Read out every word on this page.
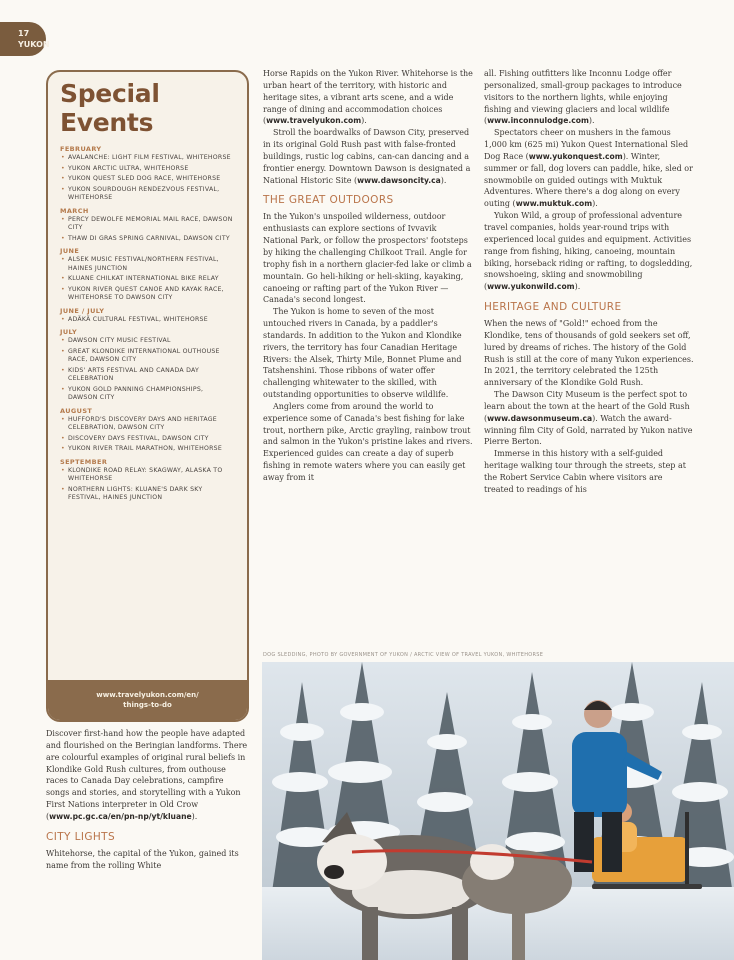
17
YUKON
Special Events
FEBRUARY
• AVALANCHE: LIGHT FILM FESTIVAL, WHITEHORSE
• YUKON ARCTIC ULTRA, WHITEHORSE
• YUKON QUEST SLED DOG RACE, WHITEHORSE
• YUKON SOURDOUGH RENDEZVOUS FESTIVAL, WHITEHORSE
MARCH
• PERCY DEWOLFE MEMORIAL MAIL RACE, DAWSON CITY
• THAW DI GRAS SPRING CARNIVAL, DAWSON CITY
JUNE
• ALSEK MUSIC FESTIVAL/NORTHERN FESTIVAL, HAINES JUNCTION
• KLUANE CHILKAT INTERNATIONAL BIKE RELAY
• YUKON RIVER QUEST CANOE AND KAYAK RACE, WHITEHORSE TO DAWSON CITY
JUNE / JULY
• ADÄKÄ CULTURAL FESTIVAL, WHITEHORSE
JULY
• DAWSON CITY MUSIC FESTIVAL
• GREAT KLONDIKE INTERNATIONAL OUTHOUSE RACE, DAWSON CITY
• KIDS' ARTS FESTIVAL AND CANADA DAY CELEBRATION
• YUKON GOLD PANNING CHAMPIONSHIPS, DAWSON CITY
AUGUST
• HUFFORD'S DISCOVERY DAYS AND HERITAGE CELEBRATION, DAWSON CITY
• DISCOVERY DAYS FESTIVAL, DAWSON CITY
• YUKON RIVER TRAIL MARATHON, WHITEHORSE
SEPTEMBER
• KLONDIKE ROAD RELAY: SKAGWAY, ALASKA TO WHITEHORSE
• NORTHERN LIGHTS: KLUANE'S DARK SKY FESTIVAL, HAINES JUNCTION
www.travelyukon.com/en/
things-to-do

Discover first-hand how the people have adapted and flourished on the Beringian landforms. There are colourful examples of original rural beliefs in Klondike Gold Rush cultures, from outhouse races to Canada Day celebrations, campfire songs and stories, and storytelling with a Yukon First Nations interpreter in Old Crow (www.pc.gc.ca/en/pn-np/yt/kluane).

CITY LIGHTS

Whitehorse, the capital of the Yukon, gained its name from the rolling White

Horse Rapids on the Yukon River. Whitehorse is the urban heart of the territory, with historic and heritage sites, a vibrant arts scene, and a wide range of dining and accommodation choices (www.travelyukon.com).

Stroll the boardwalks of Dawson City, preserved in its original Gold Rush past with false-fronted buildings, rustic log cabins, can-can dancing and a frontier energy. Downtown Dawson is designated a National Historic Site (www.dawsoncity.ca).

THE GREAT OUTDOORS

In the Yukon's unspoiled wilderness, outdoor enthusiasts can explore sections of Ivvavik National Park, or follow the prospectors' footsteps by hiking the challenging Chilkoot Trail. Angle for trophy fish in a northern glacier-fed lake or climb a mountain. Go heli-hiking or heli-skiing, kayaking, canoeing or rafting part of the Yukon River — Canada's second longest.

The Yukon is home to seven of the most untouched rivers in Canada, by a paddler's standards. In addition to the Yukon and Klondike rivers, the territory has four Canadian Heritage Rivers: the Alsek, Thirty Mile, Bonnet Plume and Tatshenshini. Those ribbons of water offer challenging whitewater to the skilled, with outstanding opportunities to observe wildlife.

Anglers come from around the world to experience some of Canada's best fishing for lake trout, northern pike, Arctic grayling, rainbow trout and salmon in the Yukon's pristine lakes and rivers. Experienced guides can create a day of superb fishing in remote waters where you can easily get away from it

all. Fishing outfitters like Inconnu Lodge offer personalized, small-group packages to introduce visitors to the northern lights, while enjoying fishing and viewing glaciers and local wildlife (www.inconnulodge.com).

Spectators cheer on mushers in the famous 1,000 km (625 mi) Yukon Quest International Sled Dog Race (www.yukonquest.com). Winter, summer or fall, dog lovers can paddle, hike, sled or snowmobile on guided outings with Muktuk Adventures. Where there's a dog along on every outing (www.muktuk.com).

Yukon Wild, a group of professional adventure travel companies, holds year-round trips with experienced local guides and equipment. Activities range from fishing, hiking, canoeing, mountain biking, horseback riding or rafting, to dogsledding, snowshoeing, skiing and snowmobiling (www.yukonwild.com).

HERITAGE AND CULTURE

When the news of "Gold!" echoed from the Klondike, tens of thousands of gold seekers set off, lured by dreams of riches. The history of the Gold Rush is still at the core of many Yukon experiences. In 2021, the territory celebrated the 125th anniversary of the Klondike Gold Rush.

The Dawson City Museum is the perfect spot to learn about the town at the heart of the Gold Rush (www.dawsonmuseum.ca). Watch the award-winning film City of Gold, narrated by Yukon native Pierre Berton.

Immerse in this history with a self-guided heritage walking tour through the streets, step at the Robert Service Cabin where visitors are treated to readings of his

DOG SLEDDING, PHOTO BY GOVERNMENT OF YUKON / ARCTIC VIEW OF TRAVEL YUKON, WHITEHORSE
